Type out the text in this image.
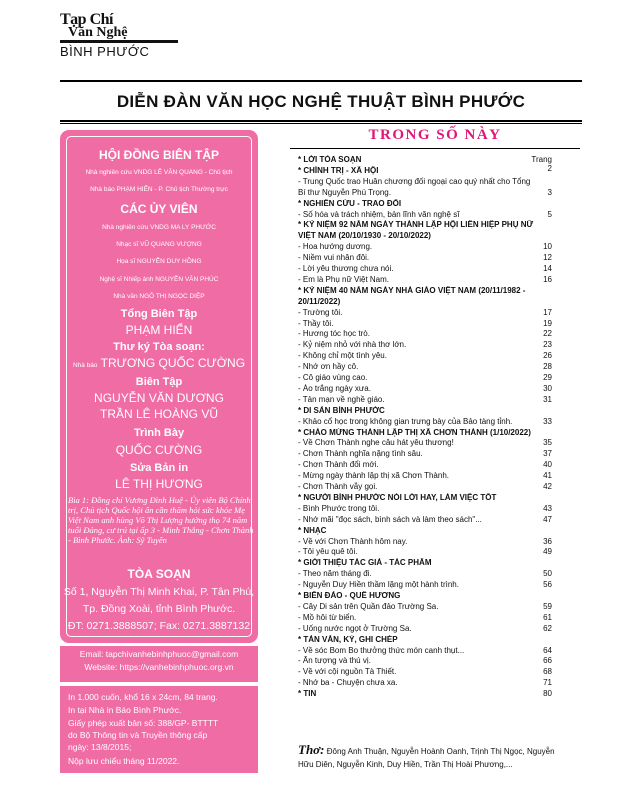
Tạp Chí
Văn Nghệ
BÌNH PHƯỚC
DIỄN ĐÀN VĂN HỌC NGHỆ THUẬT BÌNH PHƯỚC
HỘI ĐỒNG BIÊN TẬP
Nhà nghiên cứu VNDG LÊ VĂN QUANG - Chủ tịch
Nhà báo PHẠM HIỂN - P. Chủ tịch Thường trực
CÁC ỦY VIÊN
Nhà nghiên cứu VNDG MA LY PHƯỚC
Nhạc sĩ VŨ QUANG VƯỢNG
Họa sĩ NGUYỄN DUY HỒNG
Nghệ sĩ Nhiếp ảnh NGUYỄN VĂN PHÚC
Nhà văn NGÔ THỊ NGỌC DIỆP
Tổng Biên Tập
PHẠM HIỂN
Thư ký Tòa soạn:
Nhà báo TRƯƠNG QUỐC CƯỜNG
Biên Tập
NGUYỄN VĂN DƯƠNG
TRẦN LÊ HOÀNG VŨ
Trình Bày
QUỐC CƯỜNG
Sửa Bản in
LÊ THỊ HƯƠNG
Bìa 1: Đồng chí Vương Đình Huệ - Ủy viên Bộ Chính trị, Chủ tịch Quốc hội ân cần thăm hỏi sức khỏe Mẹ Việt Nam anh hùng Võ Thị Lượng hưởng thọ 74 năm tuổi Đảng, cư trú tại ấp 3 - Minh Thắng - Chơn Thành - Bình Phước. Ảnh: Sỹ Tuyên
TÒA SOẠN
Số 1, Nguyễn Thị Minh Khai, P. Tân Phú,
Tp. Đồng Xoài, tỉnh Bình Phước.
ĐT: 0271.3888507; Fax: 0271.3887132
Email: tapchivanhebinhphuoc@gmail.com
Website: https://vanhebinhphuoc.org.vn
In 1.000 cuốn, khổ 16 x 24cm, 84 trang.
In tại Nhà in Báo Bình Phước.
Giấy phép xuất bản số: 388/GP- BTTTT
do Bộ Thông tin và Truyền thông cấp
ngày: 13/8/2015;
Nộp lưu chiểu tháng 11/2022.
TRONG SỐ NÀY
* LỜI TÒA SOẠN	Trang 2
* CHÍNH TRỊ - XÃ HỘI
- Trung Quốc trao Huân chương đối ngoại cao quý nhất cho Tổng
Bí thư Nguyễn Phú Trọng.	3
* NGHIÊN CỨU - TRAO ĐỔI
- Số hóa và trách nhiệm, bản lĩnh văn nghệ sĩ	5
* KỶ NIỆM 92 NĂM NGÀY THÀNH LẬP HỘI LIÊN HIỆP PHỤ NỮ
VIỆT NAM (20/10/1930 - 20/10/2022)
- Hoa hướng dương.	10
- Niềm vui nhân đôi.	12
- Lời yêu thương chưa nói.	14
- Em là Phụ nữ Việt Nam.	16
* KỶ NIỆM 40 NĂM NGÀY NHÀ GIÁO VIỆT NAM (20/11/1982 -
20/11/2022)
- Trường tôi.	17
- Thầy tôi.	19
- Hương tóc học trò.	22
- Kỷ niệm nhỏ với nhà thơ lớn.	23
- Không chỉ một tình yêu.	26
- Nhớ ơn hầy cô.	28
- Cô giáo vùng cao.	29
- Áo trắng ngày xưa.	30
- Tản mạn về nghề giáo.	31
* DI SẢN BÌNH PHƯỚC
- Khảo cổ học trong không gian trưng bày của Bảo tàng tỉnh.	33
* CHÀO MỪNG THÀNH LẬP THỊ XÃ CHƠN THÀNH (1/10/2022)
- Về Chơn Thành nghe câu hát yêu thương!	35
- Chơn Thành nghĩa nặng tình sâu.	37
- Chơn Thành đổi mới.	40
- Mừng ngày thành lập thị xã Chơn Thành.	41
- Chơn Thành vẫy gọi.	42
* NGƯỜI BÌNH PHƯỚC NÓI LỜI HAY, LÀM VIỆC TỐT
- Bình Phước trong tôi.	43
- Nhớ mãi "đọc sách, bình sách và làm theo sách"...	47
* NHẠC
- Về với Chơn Thành hôm nay.	36
- Tôi yêu quê tôi.	49
* GIỚI THIỆU TÁC GIẢ - TÁC PHẨM
- Theo năm tháng đi.	50
- Nguyễn Duy Hiền thầm lặng một hành trình.	56
* BIỂN ĐẢO - QUÊ HƯƠNG
- Cây Di sản trên Quần đảo Trường Sa.	59
- Mồ hôi từ biển.	61
- Uống nước ngọt ở Trường Sa.	62
* TẢN VĂN, KÝ, GHI CHÉP
- Về sóc Bom Bo thưởng thức món canh thụt...	64
- Ấn tượng và thú vị.	66
- Về với cội nguồn Tà Thiết.	68
- Nhớ ba - Chuyện chưa xa.	71
* TIN	80
Thơ: Đông Anh Thuận, Nguyễn Hoành Oanh, Trịnh Thị Ngọc, Nguyễn Hữu Diên, Nguyễn Kinh, Duy Hiền, Trần Thị Hoài Phương,...
